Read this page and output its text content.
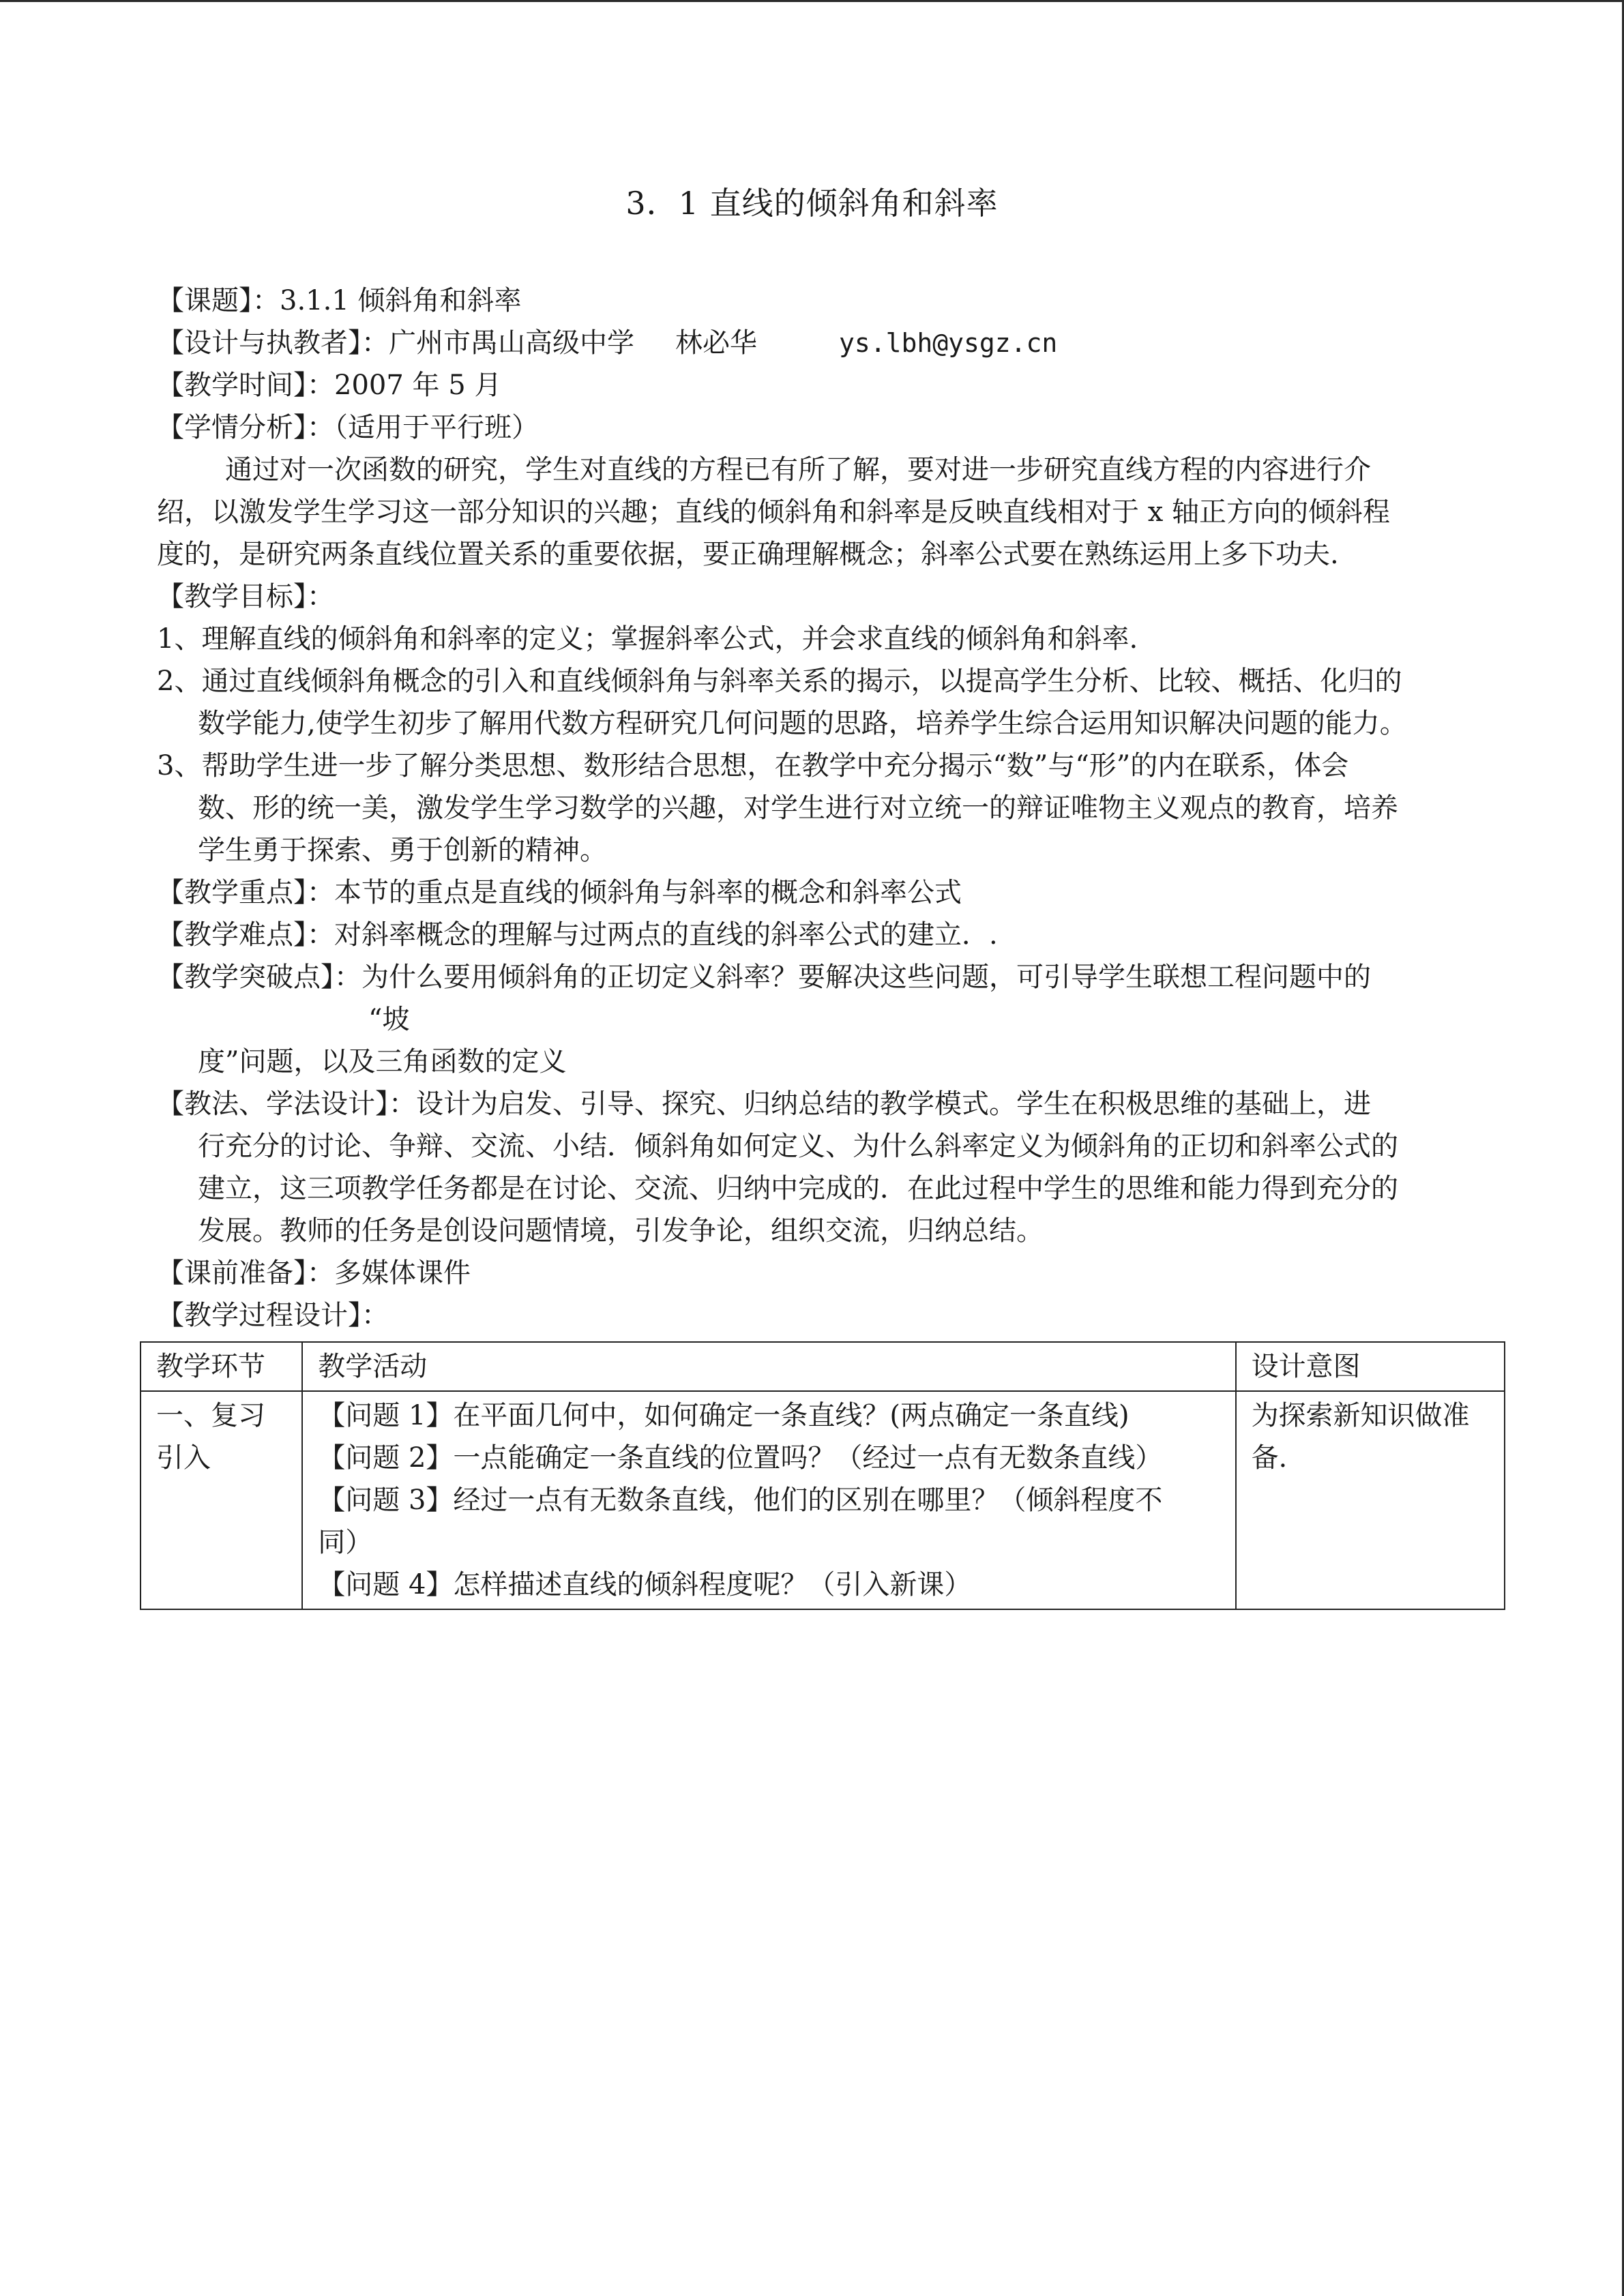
3．1 直线的倾斜角和斜率
【课题】：3.1.1 倾斜角和斜率
【设计与执教者】：广州市禺山高级中学 林必华	ys.lbh@ysgz.cn
【教学时间】：2007 年 5 月
【学情分析】：（适用于平行班）
通过对一次函数的研究，学生对直线的方程已有所了解，要对进一步研究直线方程的内容进行介
绍，以激发学生学习这一部分知识的兴趣；直线的倾斜角和斜率是反映直线相对于 x 轴正方向的倾斜程
度的，是研究两条直线位置关系的重要依据，要正确理解概念；斜率公式要在熟练运用上多下功夫.
【教学目标】：
1、理解直线的倾斜角和斜率的定义；掌握斜率公式，并会求直线的倾斜角和斜率.
2、通过直线倾斜角概念的引入和直线倾斜角与斜率关系的揭示，以提高学生分析、比较、概括、化归的
数学能力,使学生初步了解用代数方程研究几何问题的思路，培养学生综合运用知识解决问题的能力。
3、帮助学生进一步了解分类思想、数形结合思想，在教学中充分揭示“数”与“形”的内在联系，体会
数、形的统一美，激发学生学习数学的兴趣，对学生进行对立统一的辩证唯物主义观点的教育，培养
学生勇于探索、勇于创新的精神。
【教学重点】：本节的重点是直线的倾斜角与斜率的概念和斜率公式
【教学难点】：对斜率概念的理解与过两点的直线的斜率公式的建立．.
【教学突破点】：为什么要用倾斜角的正切定义斜率？要解决这些问题，可引导学生联想工程问题中的
“坡
度”问题，以及三角函数的定义
【教法、学法设计】：设计为启发、引导、探究、归纳总结的教学模式。学生在积极思维的基础上，进
行充分的讨论、争辩、交流、小结．倾斜角如何定义、为什么斜率定义为倾斜角的正切和斜率公式的
建立，这三项教学任务都是在讨论、交流、归纳中完成的．在此过程中学生的思维和能力得到充分的
发展。教师的任务是创设问题情境，引发争论，组织交流，归纳总结。
【课前准备】：多媒体课件
【教学过程设计】：
教学环节	教学活动	设计意图

一、复习
引入	【问题 1】在平面几何中，如何确定一条直线？(两点确定一条直线)
【问题 2】一点能确定一条直线的位置吗？（经过一点有无数条直线）
【问题 3】经过一点有无数条直线，他们的区别在哪里？（倾斜程度不
同）
【问题 4】怎样描述直线的倾斜程度呢？（引入新课）	为探索新知识做准
备.
